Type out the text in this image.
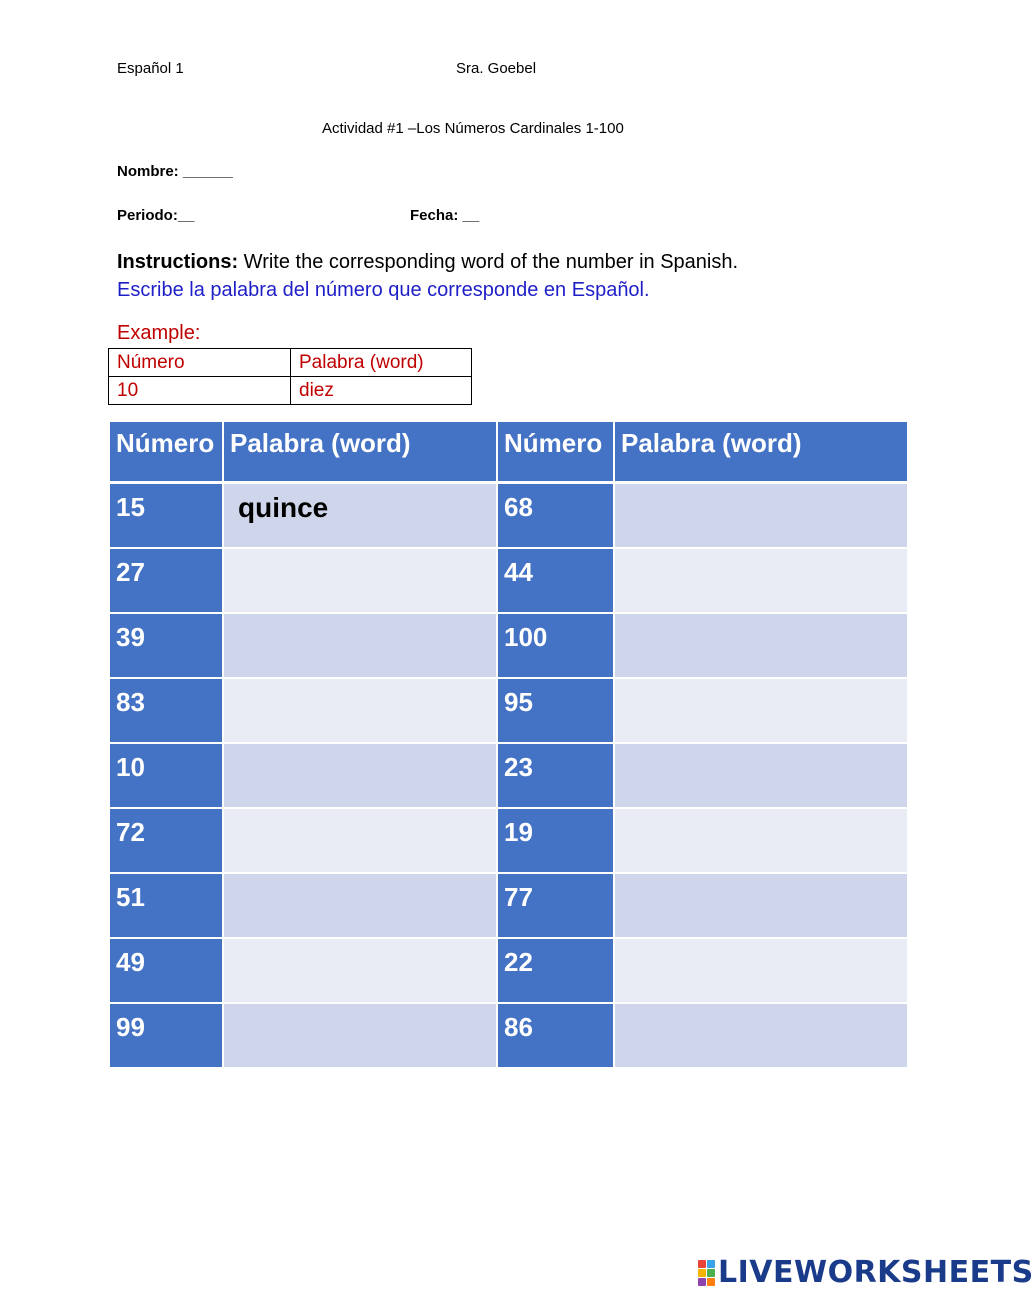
Español 1	Sra. Goebel
Actividad #1 –Los Números Cardinales 1-100
Nombre: ______
Periodo:__	Fecha: __
Instructions: Write the corresponding word of the number in Spanish.
Escribe la palabra del número que corresponde en Español.
Example:
Número	Palabra (word)
10	diez
Número	Palabra (word)	Número	Palabra (word)
15	quince	68	
27		44	
39		100	
83		95	
10		23	
72		19	
51		77	
49		22	
99		86	
LIVEWORKSHEETS
